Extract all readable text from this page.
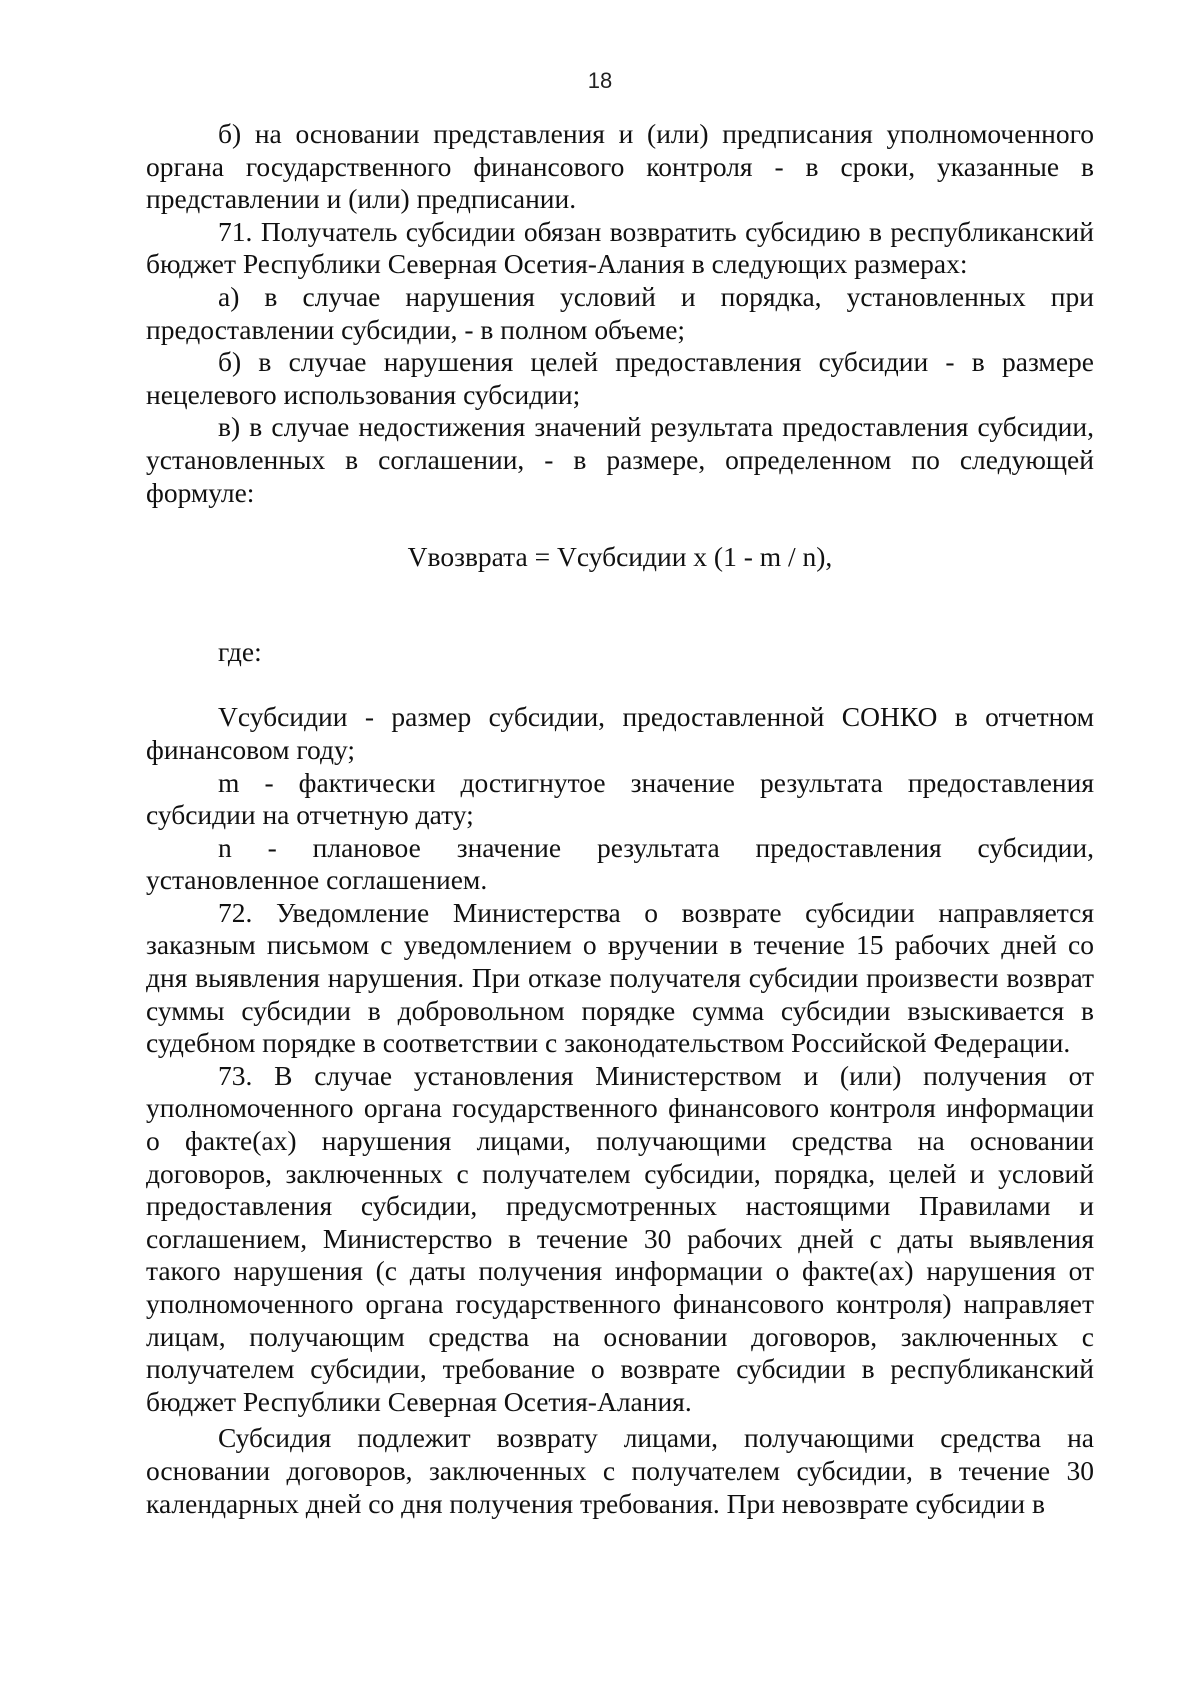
18

б) на основании представления и (или) предписания уполномоченного органа государственного финансового контроля - в сроки, указанные в представлении и (или) предписании.

71. Получатель субсидии обязан возвратить субсидию в республиканский бюджет Республики Северная Осетия-Алания в следующих размерах:

а) в случае нарушения условий и порядка, установленных при предоставлении субсидии, - в полном объеме;

б) в случае нарушения целей предоставления субсидии - в размере нецелевого использования субсидии;

в) в случае недостижения значений результата предоставления субсидии, установленных в соглашении, - в размере, определенном по следующей формуле:

Vвозврата = Vсубсидии x (1 - m / n),

где:

Vсубсидии - размер субсидии, предоставленной СОНКО в отчетном финансовом году;

m - фактически достигнутое значение результата предоставления субсидии на отчетную дату;

n - плановое значение результата предоставления субсидии, установленное соглашением.

72. Уведомление Министерства о возврате субсидии направляется заказным письмом с уведомлением о вручении в течение 15 рабочих дней со дня выявления нарушения. При отказе получателя субсидии произвести возврат суммы субсидии в добровольном порядке сумма субсидии взыскивается в судебном порядке в соответствии с законодательством Российской Федерации.

73. В случае установления Министерством и (или) получения от уполномоченного органа государственного финансового контроля информации о факте(ах) нарушения лицами, получающими средства на основании договоров, заключенных с получателем субсидии, порядка, целей и условий предоставления субсидии, предусмотренных настоящими Правилами и соглашением, Министерство в течение 30 рабочих дней с даты выявления такого нарушения (с даты получения информации о факте(ах) нарушения от уполномоченного органа государственного финансового контроля) направляет лицам, получающим средства на основании договоров, заключенных с получателем субсидии, требование о возврате субсидии в республиканский бюджет Республики Северная Осетия-Алания.

Субсидия подлежит возврату лицами, получающими средства на основании договоров, заключенных с получателем субсидии, в течение 30 календарных дней со дня получения требования. При невозврате субсидии в
